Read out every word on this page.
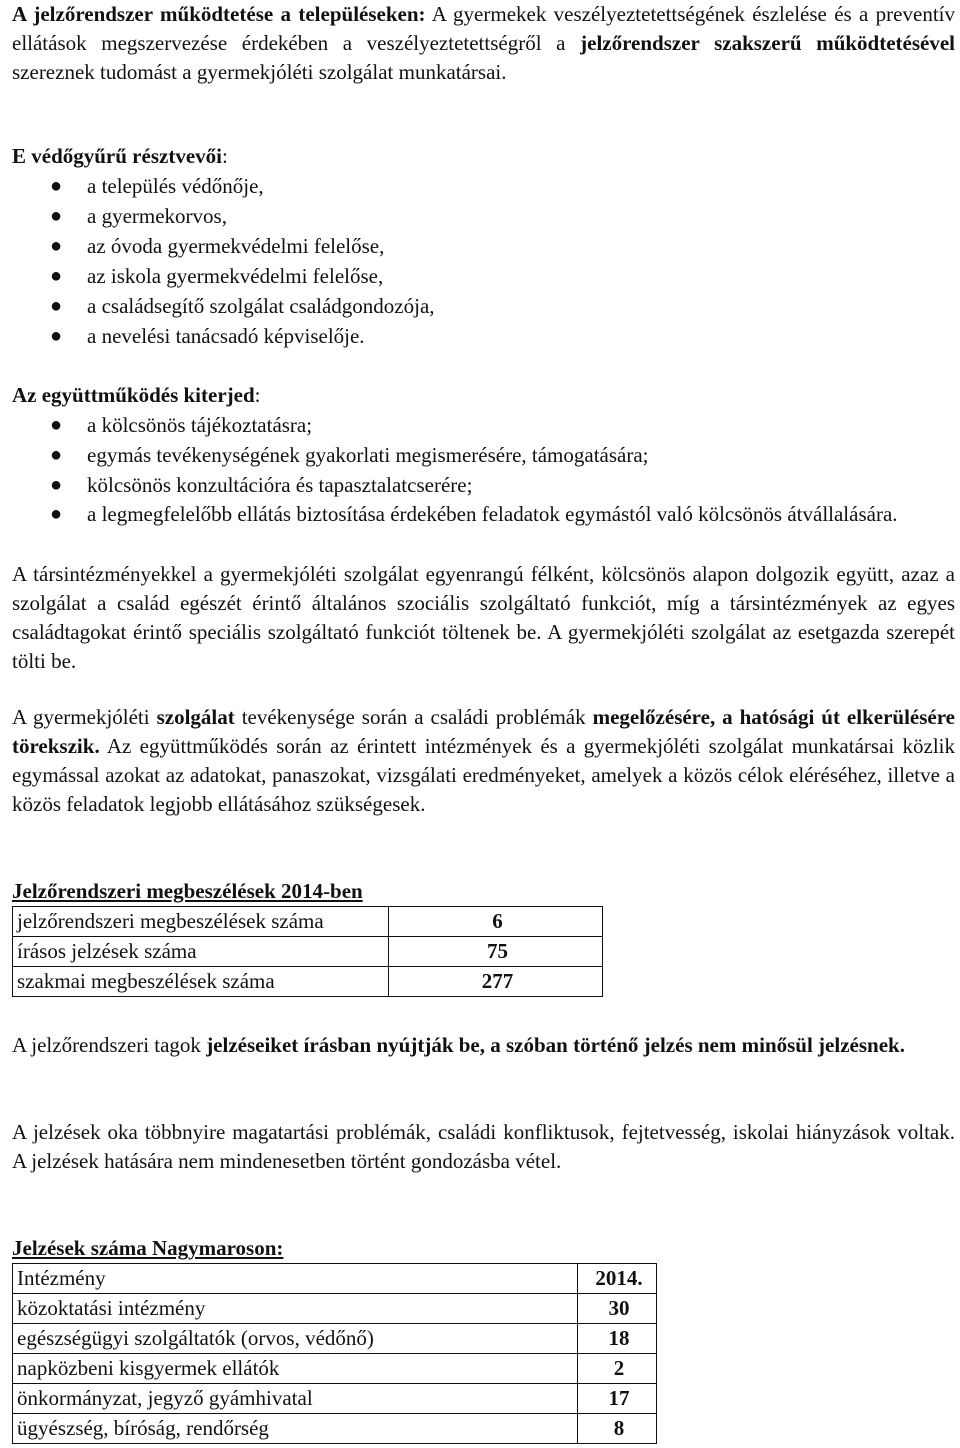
A jelzőrendszer működtetése a településeken: A gyermekek veszélyeztetettségének észlelése és a preventív ellátások megszervezése érdekében a veszélyeztetettségről a jelzőrendszer szakszerű működtetésével szereznek tudomást a gyermekjóléti szolgálat munkatársai.

E védőgyűrű résztvevői:

● a település védőnője,
● a gyermekorvos,
● az óvoda gyermekvédelmi felelőse,
● az iskola gyermekvédelmi felelőse,
● a családsegítő szolgálat családgondozója,
● a nevelési tanácsadó képviselője.

Az együttműködés kiterjed:

● a kölcsönös tájékoztatásra;
● egymás tevékenységének gyakorlati megismerésére, támogatására;
● kölcsönös konzultációra és tapasztalatcserére;
● a legmegfelelőbb ellátás biztosítása érdekében feladatok egymástól való kölcsönös átvállalására.

A társintézményekkel a gyermekjóléti szolgálat egyenrangú félként, kölcsönös alapon dolgozik együtt, azaz a szolgálat a család egészét érintő általános szociális szolgáltató funkciót, míg a társintézmények az egyes családtagokat érintő speciális szolgáltató funkciót töltenek be. A gyermekjóléti szolgálat az esetgazda szerepét tölti be.

A gyermekjóléti szolgálat tevékenysége során a családi problémák megelőzésére, a hatósági út elkerülésére törekszik. Az együttműködés során az érintett intézmények és a gyermekjóléti szolgálat munkatársai közlik egymással azokat az adatokat, panaszokat, vizsgálati eredményeket, amelyek a közös célok eléréséhez, illetve a közös feladatok legjobb ellátásához szükségesek.

Jelzőrendszeri megbeszélések 2014-ben

jelzőrendszeri megbeszélések száma	6
írásos jelzések száma	75
szakmai megbeszélések száma	277

A jelzőrendszeri tagok jelzéseiket írásban nyújtják be, a szóban történő jelzés nem minősül jelzésnek.

A jelzések oka többnyire magatartási problémák, családi konfliktusok, fejtetvesség, iskolai hiányzások voltak. A jelzések hatására nem mindenesetben történt gondozásba vétel.

Jelzések száma Nagymaroson:

Intézmény	2014.
közoktatási intézmény	30
egészségügyi szolgáltatók (orvos, védőnő)	18
napközbeni kisgyermek ellátók	2
önkormányzat, jegyző gyámhivatal	17
ügyészség, bíróság, rendőrség	8
